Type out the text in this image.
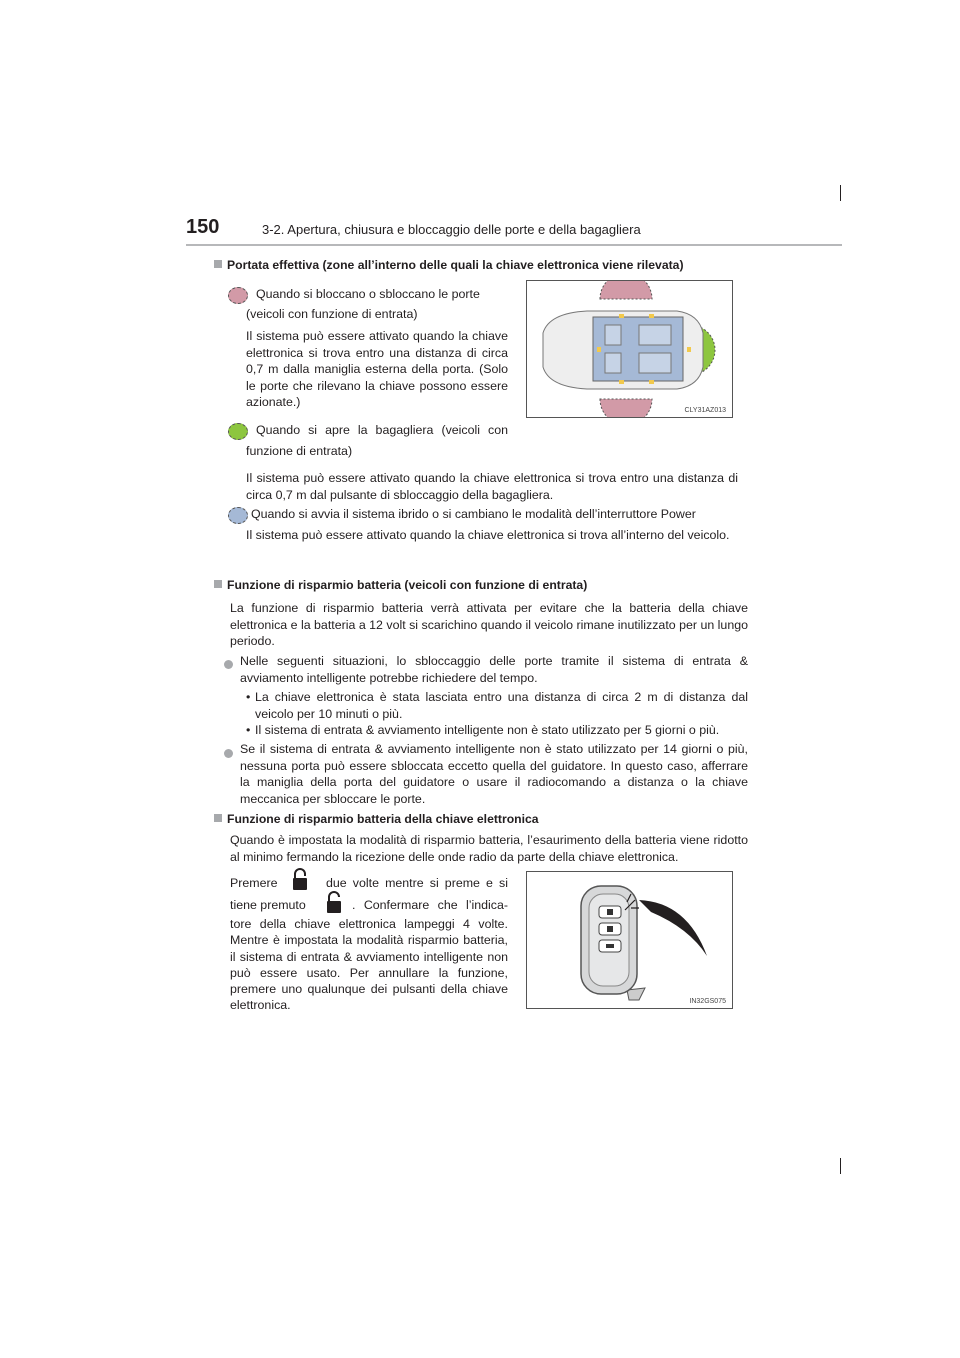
150	3-2. Apertura, chiusura e bloccaggio delle porte e della bagagliera
Portata effettiva (zone all’interno delle quali la chiave elettronica viene rilevata)
Quando si bloccano o sbloccano le porte
(veicoli con funzione di entrata)
Il sistema può essere attivato quando la chiave elettronica si trova entro una distanza di circa 0,7 m dalla maniglia esterna della porta. (Solo le porte che rilevano la chiave possono essere azionate.)
Quando si apre la bagagliera (veicoli con
funzione di entrata)
Il sistema può essere attivato quando la chiave elettronica si trova entro una distanza di circa 0,7 m dal pulsante di sbloccaggio della bagagliera.
Quando si avvia il sistema ibrido o si cambiano le modalità dell’interruttore Power
Il sistema può essere attivato quando la chiave elettronica si trova all’interno del veicolo.
CLY31AZ013
Funzione di risparmio batteria (veicoli con funzione di entrata)
La funzione di risparmio batteria verrà attivata per evitare che la batteria della chiave elettronica e la batteria a 12 volt si scarichino quando il veicolo rimane inutilizzato per un lungo periodo.
Nelle seguenti situazioni, lo sbloccaggio delle porte tramite il sistema di entrata & avviamento intelligente potrebbe richiedere del tempo.
• La chiave elettronica è stata lasciata entro una distanza di circa 2 m di distanza dal veicolo per 10 minuti o più.
• Il sistema di entrata & avviamento intelligente non è stato utilizzato per 5 giorni o più.
Se il sistema di entrata & avviamento intelligente non è stato utilizzato per 14 giorni o più, nessuna porta può essere sbloccata eccetto quella del guidatore. In questo caso, afferrare la maniglia della porta del guidatore o usare il radiocomando a distanza o la chiave meccanica per sbloccare le porte.
Funzione di risparmio batteria della chiave elettronica
Quando è impostata la modalità di risparmio batteria, l’esaurimento della batteria viene ridotto al minimo fermando la ricezione delle onde radio da parte della chiave elettronica.
Premere	due volte mentre si preme e si
tiene premuto	. Confermare che l’indica-
tore della chiave elettronica lampeggi 4 volte. Mentre è impostata la modalità risparmio batteria, il sistema di entrata & avviamento intelligente non può essere usato. Per annullare la funzione, premere uno qualunque dei pulsanti della chiave elettronica.	IN32GS075
